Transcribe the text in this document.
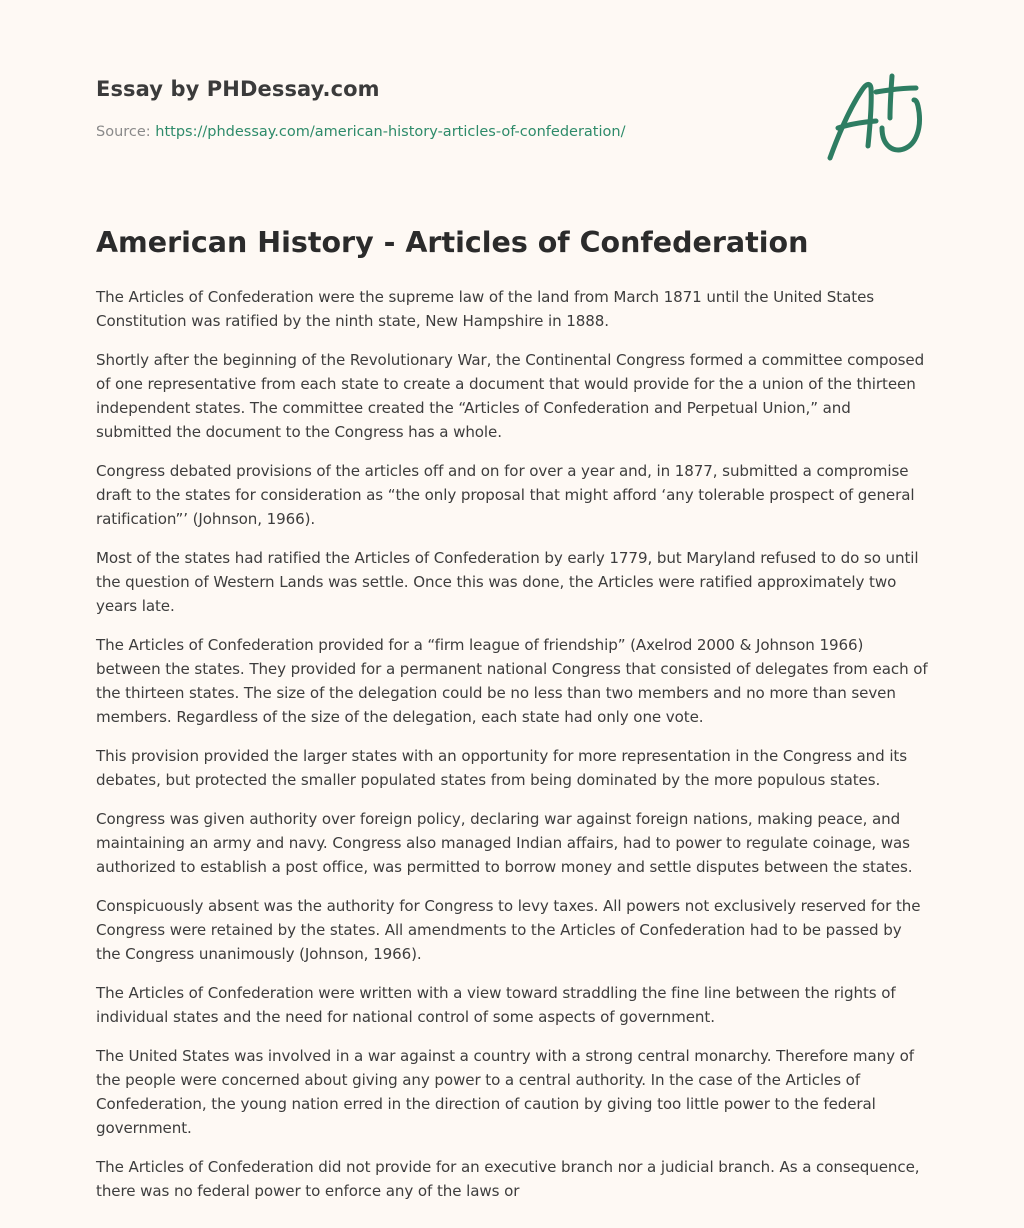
Essay by PHDessay.com

Source: https://phdessay.com/american-history-articles-of-confederation/

American History - Articles of Confederation

The Articles of Confederation were the supreme law of the land from March 1871 until the United States Constitution was ratified by the ninth state, New Hampshire in 1888.

Shortly after the beginning of the Revolutionary War, the Continental Congress formed a committee composed of one representative from each state to create a document that would provide for the a union of the thirteen independent states. The committee created the “Articles of Confederation and Perpetual Union,” and submitted the document to the Congress has a whole.

Congress debated provisions of the articles off and on for over a year and, in 1877, submitted a compromise draft to the states for consideration as “the only proposal that might afford ‘any tolerable prospect of general ratification”’ (Johnson, 1966).

Most of the states had ratified the Articles of Confederation by early 1779, but Maryland refused to do so until the question of Western Lands was settle. Once this was done, the Articles were ratified approximately two years late.

The Articles of Confederation provided for a “firm league of friendship” (Axelrod 2000 & Johnson 1966) between the states. They provided for a permanent national Congress that consisted of delegates from each of the thirteen states. The size of the delegation could be no less than two members and no more than seven members. Regardless of the size of the delegation, each state had only one vote.

This provision provided the larger states with an opportunity for more representation in the Congress and its debates, but protected the smaller populated states from being dominated by the more populous states.

Congress was given authority over foreign policy, declaring war against foreign nations, making peace, and maintaining an army and navy. Congress also managed Indian affairs, had to power to regulate coinage, was authorized to establish a post office, was permitted to borrow money and settle disputes between the states.

Conspicuously absent was the authority for Congress to levy taxes. All powers not exclusively reserved for the Congress were retained by the states. All amendments to the Articles of Confederation had to be passed by the Congress unanimously (Johnson, 1966).

The Articles of Confederation were written with a view toward straddling the fine line between the rights of individual states and the need for national control of some aspects of government.

The United States was involved in a war against a country with a strong central monarchy. Therefore many of the people were concerned about giving any power to a central authority. In the case of the Articles of Confederation, the young nation erred in the direction of caution by giving too little power to the federal government.

The Articles of Confederation did not provide for an executive branch nor a judicial branch. As a consequence, there was no federal power to enforce any of the laws or
